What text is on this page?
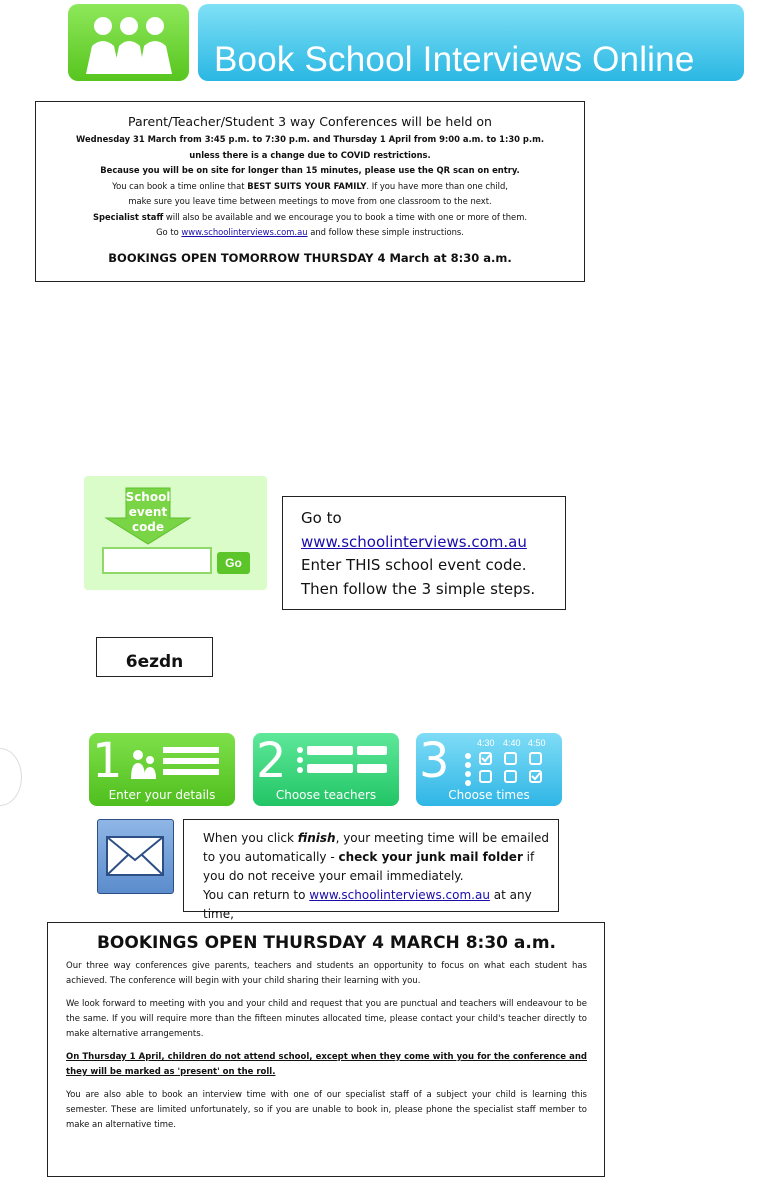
Book School Interviews Online
Parent/Teacher/Student 3 way Conferences will be held on
Wednesday 31 March from 3:45 p.m. to 7:30 p.m. and Thursday 1 April from 9:00 a.m. to 1:30 p.m.
unless there is a change due to COVID restrictions.
Because you will be on site for longer than 15 minutes, please use the QR scan on entry.
You can book a time online that BEST SUITS YOUR FAMILY. If you have more than one child,
make sure you leave time between meetings to move from one classroom to the next.
Specialist staff will also be available and we encourage you to book a time with one or more of them.
Go to www.schoolinterviews.com.au and follow these simple instructions.
BOOKINGS OPEN TOMORROW THURSDAY 4 March at 8:30 a.m.
School event code
Go
Go to
www.schoolinterviews.com.au
Enter THIS school event code.
Then follow the 3 simple steps.
6ezdn
1
Enter your details
2
Choose teachers
3	4:30 4:40 4:50
Choose times
When you click finish, your meeting time will be emailed to you automatically - check your junk mail folder if you do not receive your email immediately.
You can return to www.schoolinterviews.com.au at any time,
BOOKINGS OPEN THURSDAY 4 MARCH 8:30 a.m.

Our three way conferences give parents, teachers and students an opportunity to focus on what each student has achieved. The conference will begin with your child sharing their learning with you.

We look forward to meeting with you and your child and request that you are punctual and teachers will endeavour to be the same. If you will require more than the fifteen minutes allocated time, please contact your child's teacher directly to make alternative arrangements.

On Thursday 1 April, children do not attend school, except when they come with you for the conference and they will be marked as 'present' on the roll.

You are also able to book an interview time with one of our specialist staff of a subject your child is learning this semester. These are limited unfortunately, so if you are unable to book in, please phone the specialist staff member to make an alternative time.
